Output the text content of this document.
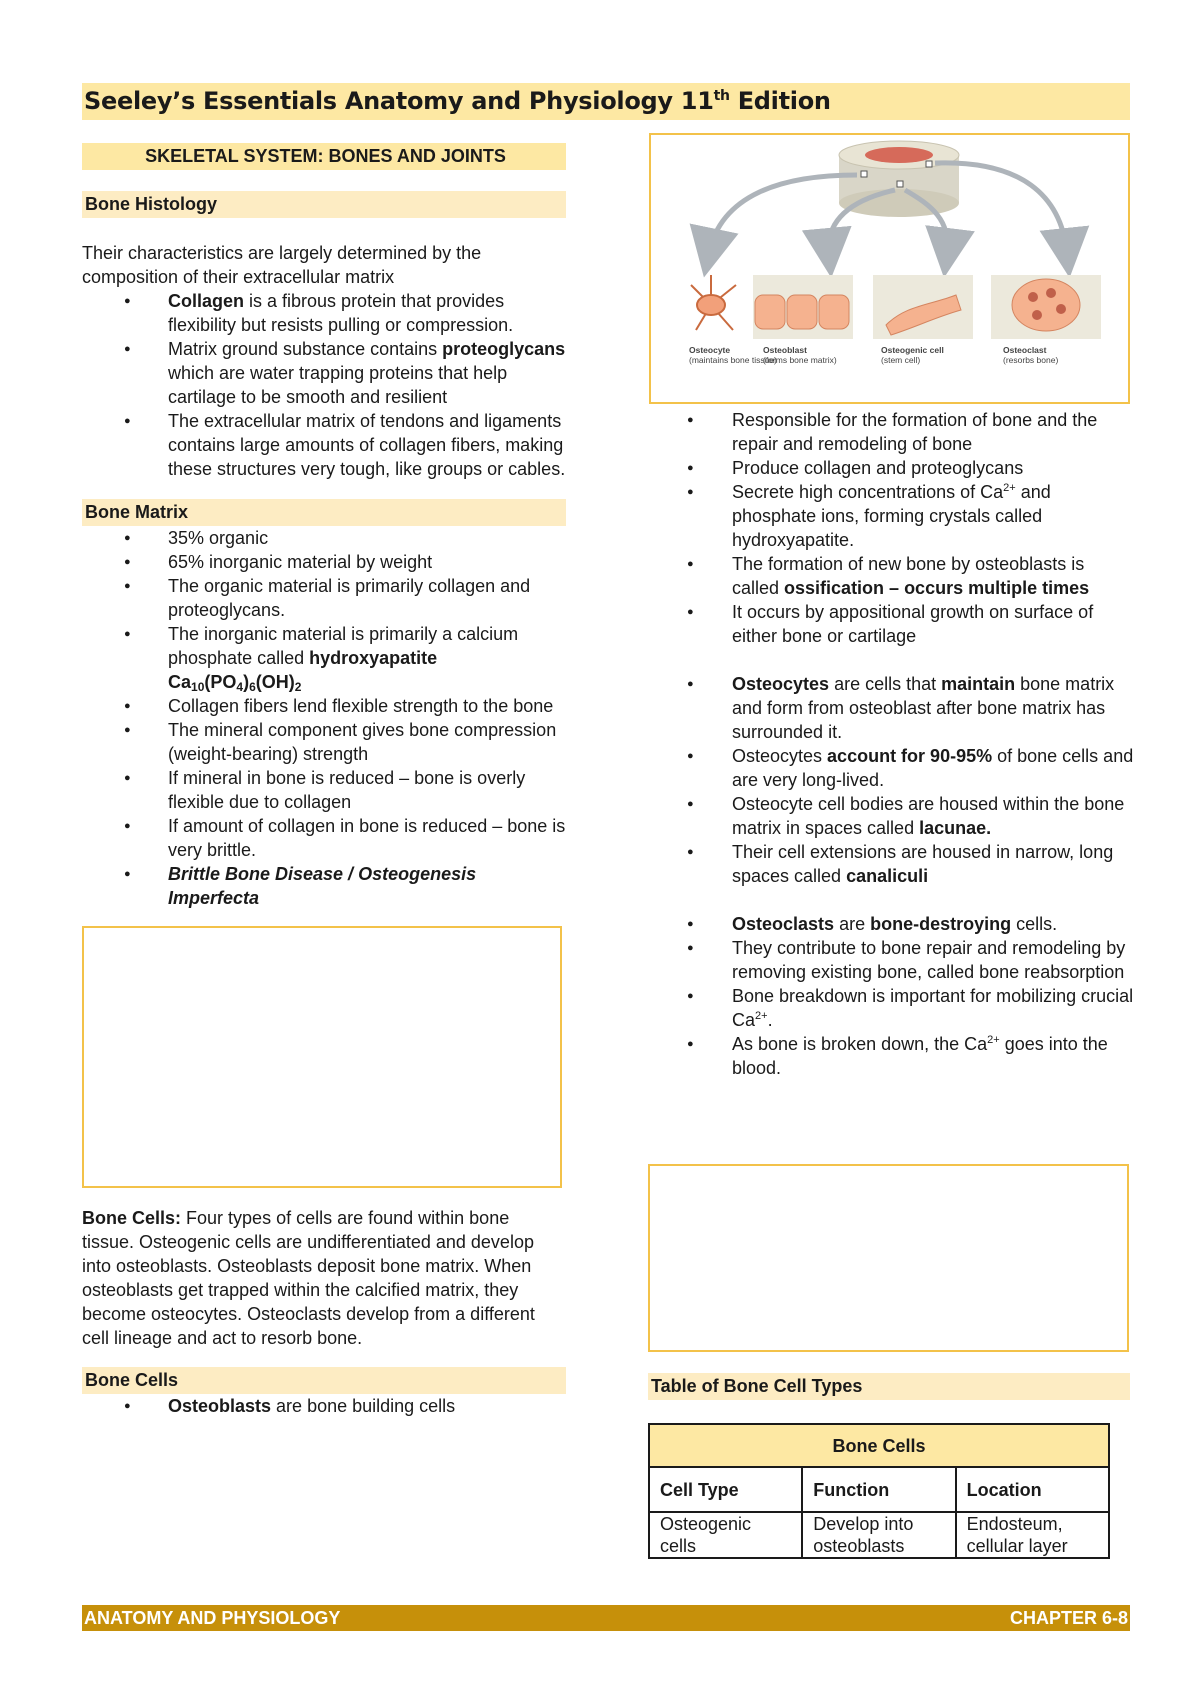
Seeley’s Essentials Anatomy and Physiology 11th Edition
SKELETAL SYSTEM: BONES AND JOINTS
Bone Histology

Their characteristics are largely determined by the composition of their extracellular matrix

● Collagen is a fibrous protein that provides flexibility but resists pulling or compression.
● Matrix ground substance contains proteoglycans which are water trapping proteins that help cartilage to be smooth and resilient
● The extracellular matrix of tendons and ligaments contains large amounts of collagen fibers, making these structures very tough, like groups or cables.
Bone Matrix
● 35% organic
● 65% inorganic material by weight
● The organic material is primarily collagen and proteoglycans.
● The inorganic material is primarily a calcium phosphate called hydroxyapatite
$Ca_{10}(PO_4)_6(OH)_2$
● Collagen fibers lend flexible strength to the bone
● The mineral component gives bone compression (weight-bearing) strength
● If mineral in bone is reduced – bone is overly flexible due to collagen
● If amount of collagen in bone is reduced – bone is very brittle.
● Brittle Bone Disease / Osteogenesis Imperfecta

Bone Cells: Four types of cells are found within bone tissue. Osteogenic cells are undifferentiated and develop into osteoblasts. Osteoblasts deposit bone matrix. When osteoblasts get trapped within the calcified matrix, they become osteocytes. Osteoclasts develop from a different cell lineage and act to resorb bone.

Bone Cells
● Osteoblasts are bone building cells
Osteocyte
(maintains bone tissue)
Osteoblast
(forms bone matrix)
Osteogenic cell
(stem cell)
Osteoclast
(resorbs bone)
● Responsible for the formation of bone and the repair and remodeling of bone
● Produce collagen and proteoglycans
● Secrete high concentrations of $Ca^{2+}$ and phosphate ions, forming crystals called hydroxyapatite.
● The formation of new bone by osteoblasts is called ossification – occurs multiple times
● It occurs by appositional growth on surface of either bone or cartilage
● Osteocytes are cells that maintain bone matrix and form from osteoblast after bone matrix has surrounded it.
● Osteocytes account for 90-95% of bone cells and are very long-lived.
● Osteocyte cell bodies are housed within the bone matrix in spaces called lacunae.
● Their cell extensions are housed in narrow, long spaces called canaliculi
● Osteoclasts are bone-destroying cells.
● They contribute to bone repair and remodeling by removing existing bone, called bone reabsorption
● Bone breakdown is important for mobilizing crucial $Ca^{2+}$.
● As bone is broken down, the $Ca^{2+}$ goes into the blood.
Table of Bone Cell Types
Bone Cells		
Cell Type	Function	Location
Osteogenic cells	Develop into osteoblasts	Endosteum, cellular layer
ANATOMY AND PHYSIOLOGY	CHAPTER 6-8
